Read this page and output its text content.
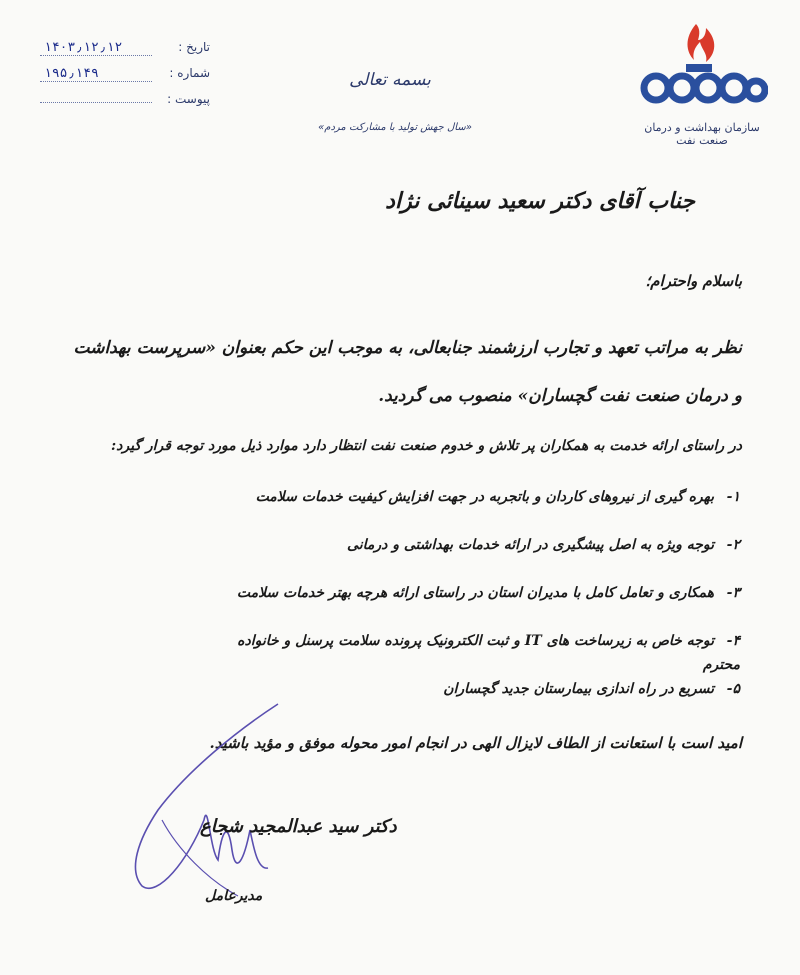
سازمان بهداشت و درمان صنعت نفت
بسمه تعالی
«سال جهش تولید با مشارکت مردم»
تاریخ :
۱۴۰۳٫۱۲٫۱۲
شماره :
۱۹۵٫۱۴۹
پیوست :
جناب آقای دکتر سعید سینائی نژاد
باسلام واحترام؛
نظر به مراتب تعهد و تجارب ارزشمند جنابعالی، به موجب این حکم بعنوان «سرپرست بهداشت و درمان صنعت نفت گچساران» منصوب می گردید.
در راستای ارائه خدمت به همکاران پر تلاش و خدوم صنعت نفت انتظار دارد موارد ذیل مورد توجه قرار گیرد:
۱-بهره گیری از نیروهای کاردان و باتجربه در جهت افزایش کیفیت خدمات سلامت
۲-توجه ویژه به اصل پیشگیری در ارائه خدمات بهداشتی و درمانی
۳-همکاری و تعامل کامل با مدیران استان در راستای ارائه هرچه بهتر خدمات سلامت
۴-توجه خاص به زیرساخت های IT و ثبت الکترونیک پرونده سلامت پرسنل و خانواده محترم
۵-تسریع در راه اندازی بیمارستان جدید گچساران
امید است با استعانت از الطاف لایزال الهی در انجام امور محوله موفق و مؤید باشید.
دکتر سید عبدالمجید شجاع
مدیرعامل
